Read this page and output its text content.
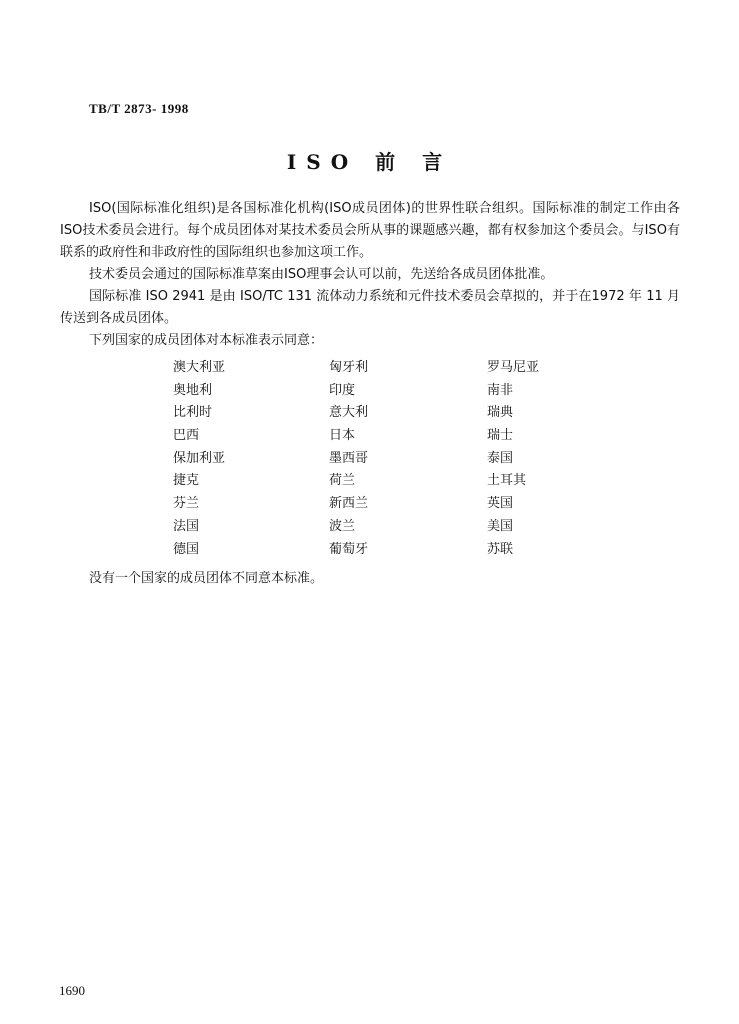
TB/T 2873- 1998
ISO 前 言

ISO(国际标准化组织)是各国标准化机构(ISO成员团体)的世界性联合组织。国际标准的制定工作由各ISO技术委员会进行。每个成员团体对某技术委员会所从事的课题感兴趣，都有权参加这个委员会。与ISO有联系的政府性和非政府性的国际组织也参加这项工作。

技术委员会通过的国际标准草案由ISO理事会认可以前，先送给各成员团体批准。

国际标准 ISO 2941 是由 ISO/TC 131 流体动力系统和元件技术委员会草拟的，并于在1972 年 11 月传送到各成员团体。

下列国家的成员团体对本标准表示同意：

澳大利亚	匈牙利	罗马尼亚
奥地利	印度	南非
比利时	意大利	瑞典
巴西	日本	瑞士
保加利亚	墨西哥	泰国
捷克	荷兰	土耳其
芬兰	新西兰	英国
法国	波兰	美国
德国	葡萄牙	苏联
没有一个国家的成员团体不同意本标准。
1690
